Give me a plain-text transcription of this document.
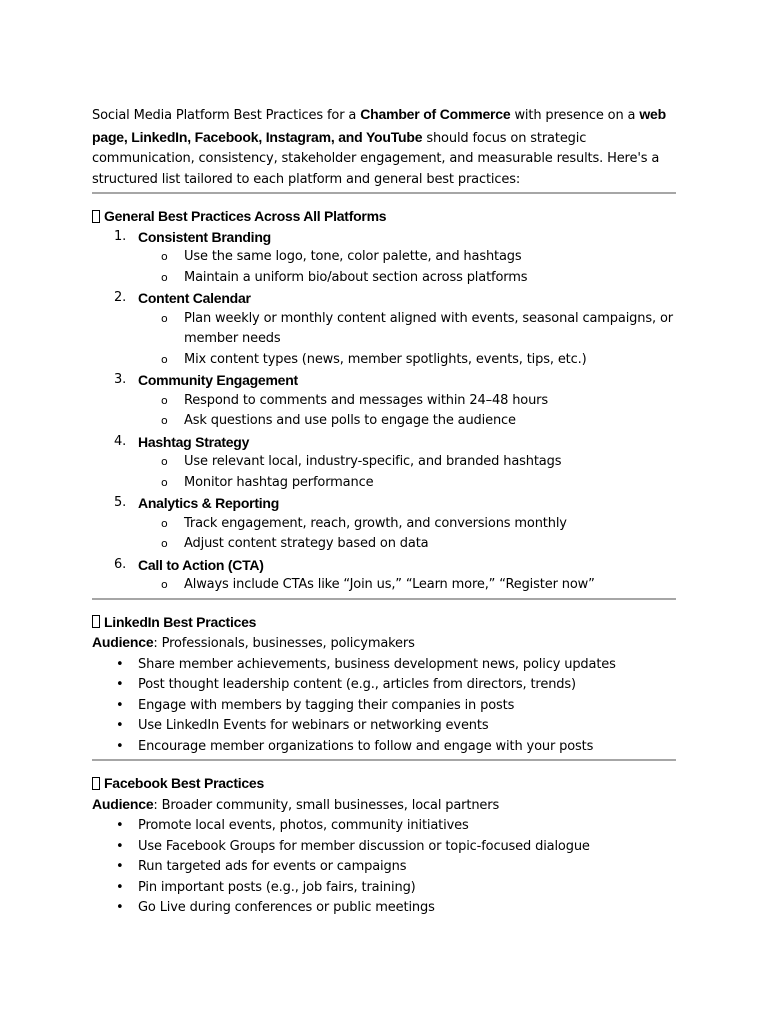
Social Media Platform Best Practices for a Chamber of Commerce with presence on a web page, LinkedIn, Facebook, Instagram, and YouTube should focus on strategic communication, consistency, stakeholder engagement, and measurable results. Here's a structured list tailored to each platform and general best practices:

General Best Practices Across All Platforms
1. Consistent Branding
o Use the same logo, tone, color palette, and hashtags
o Maintain a uniform bio/about section across platforms
2. Content Calendar
o Plan weekly or monthly content aligned with events, seasonal campaigns, or member needs
o Mix content types (news, member spotlights, events, tips, etc.)
3. Community Engagement
o Respond to comments and messages within 24–48 hours
o Ask questions and use polls to engage the audience
4. Hashtag Strategy
o Use relevant local, industry-specific, and branded hashtags
o Monitor hashtag performance
5. Analytics & Reporting
o Track engagement, reach, growth, and conversions monthly
o Adjust content strategy based on data
6. Call to Action (CTA)
o Always include CTAs like “Join us,” “Learn more,” “Register now”
LinkedIn Best Practices

Audience: Professionals, businesses, policymakers

• Share member achievements, business development news, policy updates
• Post thought leadership content (e.g., articles from directors, trends)
• Engage with members by tagging their companies in posts
• Use LinkedIn Events for webinars or networking events
• Encourage member organizations to follow and engage with your posts
Facebook Best Practices

Audience: Broader community, small businesses, local partners

• Promote local events, photos, community initiatives
• Use Facebook Groups for member discussion or topic-focused dialogue
• Run targeted ads for events or campaigns
• Pin important posts (e.g., job fairs, training)
• Go Live during conferences or public meetings
